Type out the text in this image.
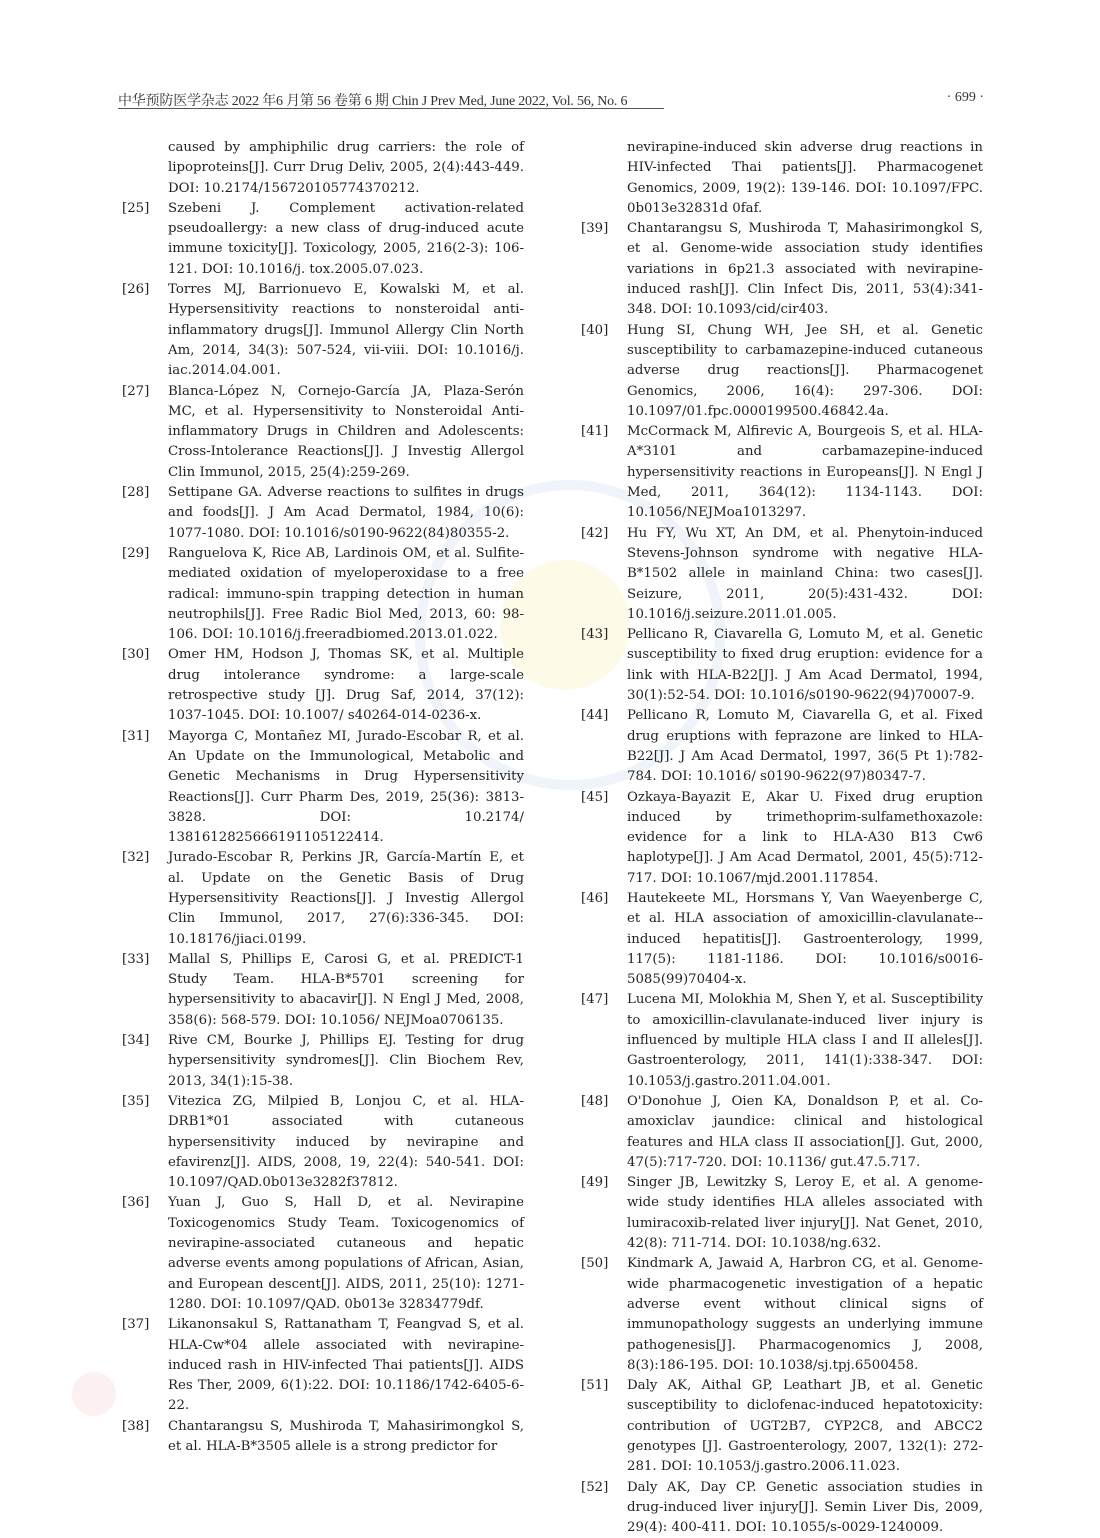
中华预防医学杂志 2022 年6 月第 56 卷第 6 期 Chin J Prev Med, June 2022, Vol. 56, No. 6	· 699 ·

caused by amphiphilic drug carriers: the role of lipoproteins[J]. Curr Drug Deliv, 2005, 2(4):443-449. DOI: 10.2174/156720105774370212.

[25] Szebeni J. Complement activation-related pseudoallergy: a new class of drug-induced acute immune toxicity[J]. Toxicology, 2005, 216(2-3): 106-121. DOI: 10.1016/j. tox.2005.07.023.

[26] Torres MJ, Barrionuevo E, Kowalski M, et al. Hypersensitivity reactions to nonsteroidal anti-inflammatory drugs[J]. Immunol Allergy Clin North Am, 2014, 34(3): 507-524, vii-viii. DOI: 10.1016/j. iac.2014.04.001.

[27] Blanca-López N, Cornejo-García JA, Plaza-Serón MC, et al. Hypersensitivity to Nonsteroidal Anti-inflammatory Drugs in Children and Adolescents: Cross-Intolerance Reactions[J]. J Investig Allergol Clin Immunol, 2015, 25(4):259-269.

[28] Settipane GA. Adverse reactions to sulfites in drugs and foods[J]. J Am Acad Dermatol, 1984, 10(6): 1077-1080. DOI: 10.1016/s0190-9622(84)80355-2.

[29] Ranguelova K, Rice AB, Lardinois OM, et al. Sulfite-mediated oxidation of myeloperoxidase to a free radical: immuno-spin trapping detection in human neutrophils[J]. Free Radic Biol Med, 2013, 60: 98-106. DOI: 10.1016/j.freeradbiomed.2013.01.022.

[30] Omer HM, Hodson J, Thomas SK, et al. Multiple drug intolerance syndrome: a large-scale retrospective study [J]. Drug Saf, 2014, 37(12): 1037-1045. DOI: 10.1007/ s40264-014-0236-x.

[31] Mayorga C, Montañez MI, Jurado-Escobar R, et al. An Update on the Immunological, Metabolic and Genetic Mechanisms in Drug Hypersensitivity Reactions[J]. Curr Pharm Des, 2019, 25(36): 3813-3828. DOI: 10.2174/ 1381612825666191105122414.

[32] Jurado-Escobar R, Perkins JR, García-Martín E, et al. Update on the Genetic Basis of Drug Hypersensitivity Reactions[J]. J Investig Allergol Clin Immunol, 2017, 27(6):336-345. DOI: 10.18176/jiaci.0199.

[33] Mallal S, Phillips E, Carosi G, et al. PREDICT-1 Study Team. HLA-B*5701 screening for hypersensitivity to abacavir[J]. N Engl J Med, 2008, 358(6): 568-579. DOI: 10.1056/ NEJMoa0706135.

[34] Rive CM, Bourke J, Phillips EJ. Testing for drug hypersensitivity syndromes[J]. Clin Biochem Rev, 2013, 34(1):15-38.

[35] Vitezica ZG, Milpied B, Lonjou C, et al. HLA-DRB1*01 associated with cutaneous hypersensitivity induced by nevirapine and efavirenz[J]. AIDS, 2008, 19, 22(4): 540-541. DOI: 10.1097/QAD.0b013e3282f37812.

[36] Yuan J, Guo S, Hall D, et al. Nevirapine Toxicogenomics Study Team. Toxicogenomics of nevirapine-associated cutaneous and hepatic adverse events among populations of African, Asian, and European descent[J]. AIDS, 2011, 25(10): 1271-1280. DOI: 10.1097/QAD. 0b013e 32834779df.

[37] Likanonsakul S, Rattanatham T, Feangvad S, et al. HLA-Cw*04 allele associated with nevirapine-induced rash in HIV-infected Thai patients[J]. AIDS Res Ther, 2009, 6(1):22. DOI: 10.1186/1742-6405-6-22.

[38] Chantarangsu S, Mushiroda T, Mahasirimongkol S, et al. HLA-B*3505 allele is a strong predictor for

nevirapine-induced skin adverse drug reactions in HIV-infected Thai patients[J]. Pharmacogenet Genomics, 2009, 19(2): 139-146. DOI: 10.1097/FPC. 0b013e32831d 0faf.

[39] Chantarangsu S, Mushiroda T, Mahasirimongkol S, et al. Genome-wide association study identifies variations in 6p21.3 associated with nevirapine-induced rash[J]. Clin Infect Dis, 2011, 53(4):341-348. DOI: 10.1093/cid/cir403.

[40] Hung SI, Chung WH, Jee SH, et al. Genetic susceptibility to carbamazepine-induced cutaneous adverse drug reactions[J]. Pharmacogenet Genomics, 2006, 16(4): 297-306. DOI: 10.1097/01.fpc.0000199500.46842.4a.

[41] McCormack M, Alfirevic A, Bourgeois S, et al. HLA-A*3101 and carbamazepine-induced hypersensitivity reactions in Europeans[J]. N Engl J Med, 2011, 364(12): 1134-1143. DOI: 10.1056/NEJMoa1013297.

[42] Hu FY, Wu XT, An DM, et al. Phenytoin-induced Stevens-Johnson syndrome with negative HLA-B*1502 allele in mainland China: two cases[J]. Seizure, 2011, 20(5):431-432. DOI: 10.1016/j.seizure.2011.01.005.

[43] Pellicano R, Ciavarella G, Lomuto M, et al. Genetic susceptibility to fixed drug eruption: evidence for a link with HLA-B22[J]. J Am Acad Dermatol, 1994, 30(1):52-54. DOI: 10.1016/s0190-9622(94)70007-9.

[44] Pellicano R, Lomuto M, Ciavarella G, et al. Fixed drug eruptions with feprazone are linked to HLA-B22[J]. J Am Acad Dermatol, 1997, 36(5 Pt 1):782-784. DOI: 10.1016/ s0190-9622(97)80347-7.

[45] Ozkaya-Bayazit E, Akar U. Fixed drug eruption induced by trimethoprim-sulfamethoxazole: evidence for a link to HLA-A30 B13 Cw6 haplotype[J]. J Am Acad Dermatol, 2001, 45(5):712-717. DOI: 10.1067/mjd.2001.117854.

[46] Hautekeete ML, Horsmans Y, Van Waeyenberge C, et al. HLA association of amoxicillin-clavulanate--induced hepatitis[J]. Gastroenterology, 1999, 117(5): 1181-1186. DOI: 10.1016/s0016-5085(99)70404-x.

[47] Lucena MI, Molokhia M, Shen Y, et al. Susceptibility to amoxicillin-clavulanate-induced liver injury is influenced by multiple HLA class I and II alleles[J]. Gastroenterology, 2011, 141(1):338-347. DOI: 10.1053/j.gastro.2011.04.001.

[48] O'Donohue J, Oien KA, Donaldson P, et al. Co-amoxiclav jaundice: clinical and histological features and HLA class II association[J]. Gut, 2000, 47(5):717-720. DOI: 10.1136/ gut.47.5.717.

[49] Singer JB, Lewitzky S, Leroy E, et al. A genome-wide study identifies HLA alleles associated with lumiracoxib-related liver injury[J]. Nat Genet, 2010, 42(8): 711-714. DOI: 10.1038/ng.632.

[50] Kindmark A, Jawaid A, Harbron CG, et al. Genome-wide pharmacogenetic investigation of a hepatic adverse event without clinical signs of immunopathology suggests an underlying immune pathogenesis[J]. Pharmacogenomics J, 2008, 8(3):186-195. DOI: 10.1038/sj.tpj.6500458.

[51] Daly AK, Aithal GP, Leathart JB, et al. Genetic susceptibility to diclofenac-induced hepatotoxicity: contribution of UGT2B7, CYP2C8, and ABCC2 genotypes [J]. Gastroenterology, 2007, 132(1): 272-281. DOI: 10.1053/j.gastro.2006.11.023.

[52] Daly AK, Day CP. Genetic association studies in drug-induced liver injury[J]. Semin Liver Dis, 2009, 29(4): 400-411. DOI: 10.1055/s-0029-1240009.
